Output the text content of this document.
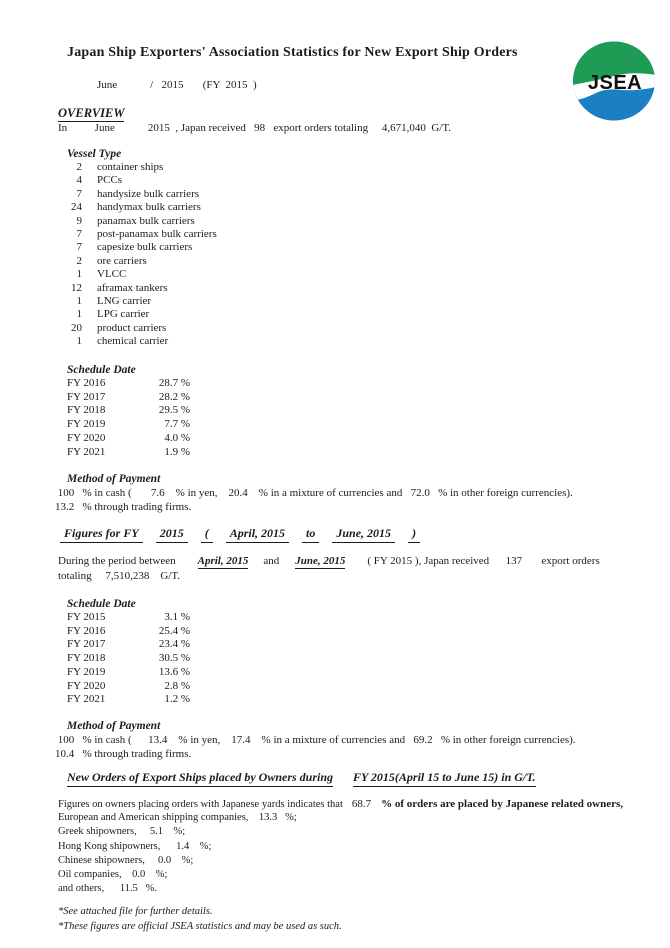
Japan Ship Exporters' Association Statistics for New Export Ship Orders
JSEA
June            /   2015       (FY  2015  )
OVERVIEW
In          June            2015  , Japan received   98   export orders totaling     4,671,040  G/T.
Vessel Type
2 container ships
4 PCCs
7 handysize bulk carriers
24 handymax bulk carriers
9 panamax bulk carriers
7 post-panamax bulk carriers
7 capesize bulk carriers
2 ore carriers
1 VLCC
12 aframax tankers
1 LNG carrier
1 LPG carrier
20 product carriers
1 chemical carrier
Schedule Date
FY 2016	28.7 %
FY 2017	28.2 %
FY 2018	29.5 %
FY 2019	7.7 %
FY 2020	4.0 %
FY 2021	1.9 %
Method of Payment
100   % in cash (       7.6    % in yen,    20.4    % in a mixture of currencies and   72.0   % in other foreign currencies).
13.2   % through trading firms.
Figures for FY	2015	(	April, 2015	to	June, 2015	)
During the period between April, 2015 and June, 2015 ( FY 2015 ), Japan received      137       export orders
totaling     7,510,238    G/T.
Schedule Date
FY 2015	3.1 %
FY 2016	25.4 %
FY 2017	23.4 %
FY 2018	30.5 %
FY 2019	13.6 %
FY 2020	2.8 %
FY 2021	1.2 %
Method of Payment
100   % in cash (      13.4    % in yen,    17.4    % in a mixture of currencies and   69.2   % in other foreign currencies).
10.4   % through trading firms.
New Orders of Export Ships placed by Owners during FY 2015(April 15 to June 15) in G/T.
Figures on owners placing orders with Japanese yards indicates that 68.7 % of orders are placed by Japanese related owners,
European and American shipping companies,    13.3   %;
Greek shipowners,     5.1    %;
Hong Kong shipowners,      1.4    %;
Chinese shipowners,     0.0    %;
Oil companies,    0.0    %;
and others,      11.5   %.
*See attached file for further details.
*These figures are official JSEA statistics and may be used as such.
